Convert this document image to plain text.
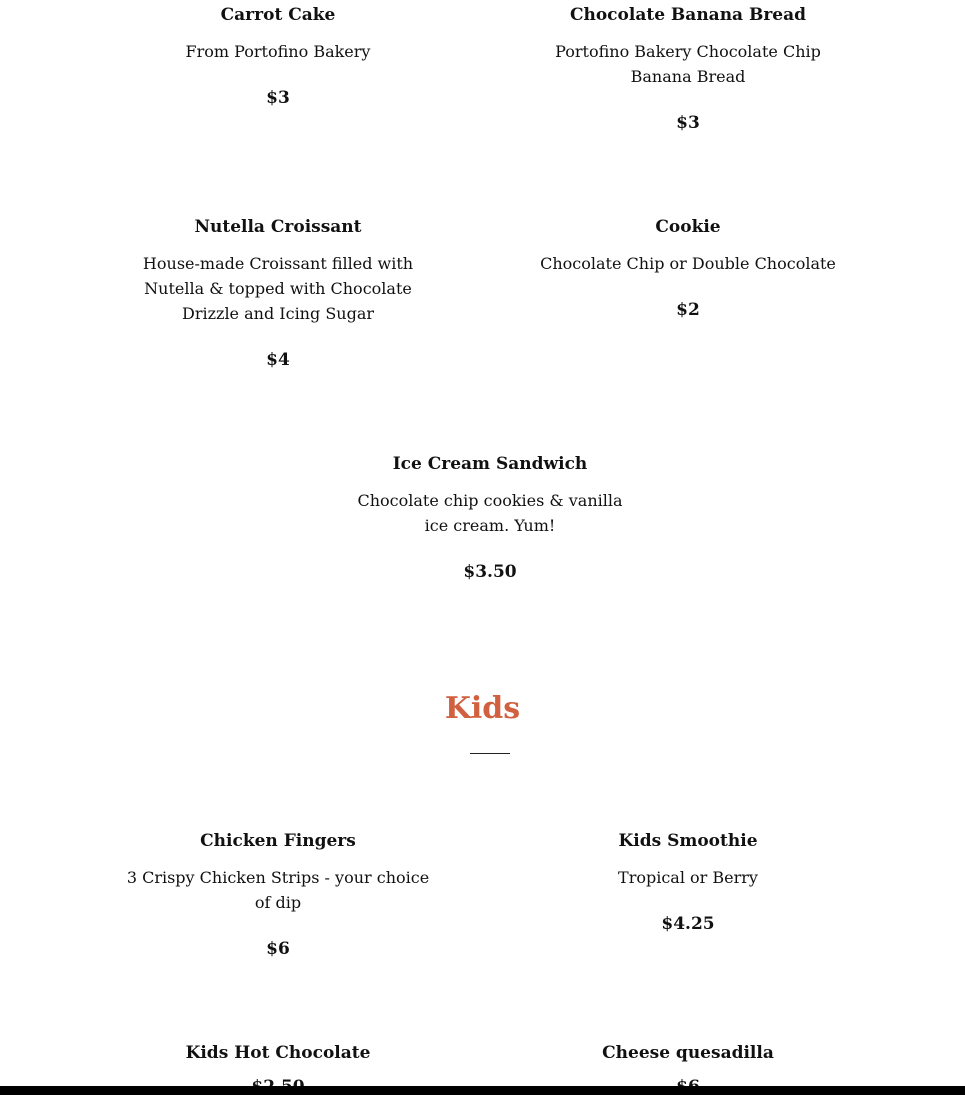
Carrot Cake

From Portofino Bakery

$3

Chocolate Banana Bread

Portofino Bakery Chocolate Chip Banana Bread

$3

Nutella Croissant

House-made Croissant filled with Nutella & topped with Chocolate Drizzle and Icing Sugar

$4

Cookie

Chocolate Chip or Double Chocolate

$2

Ice Cream Sandwich

Chocolate chip cookies & vanilla ice cream. Yum!

$3.50

Kids

Chicken Fingers

3 Crispy Chicken Strips - your choice of dip

$6

Kids Smoothie

Tropical or Berry

$4.25

Kids Hot Chocolate	Cheese quesadilla
